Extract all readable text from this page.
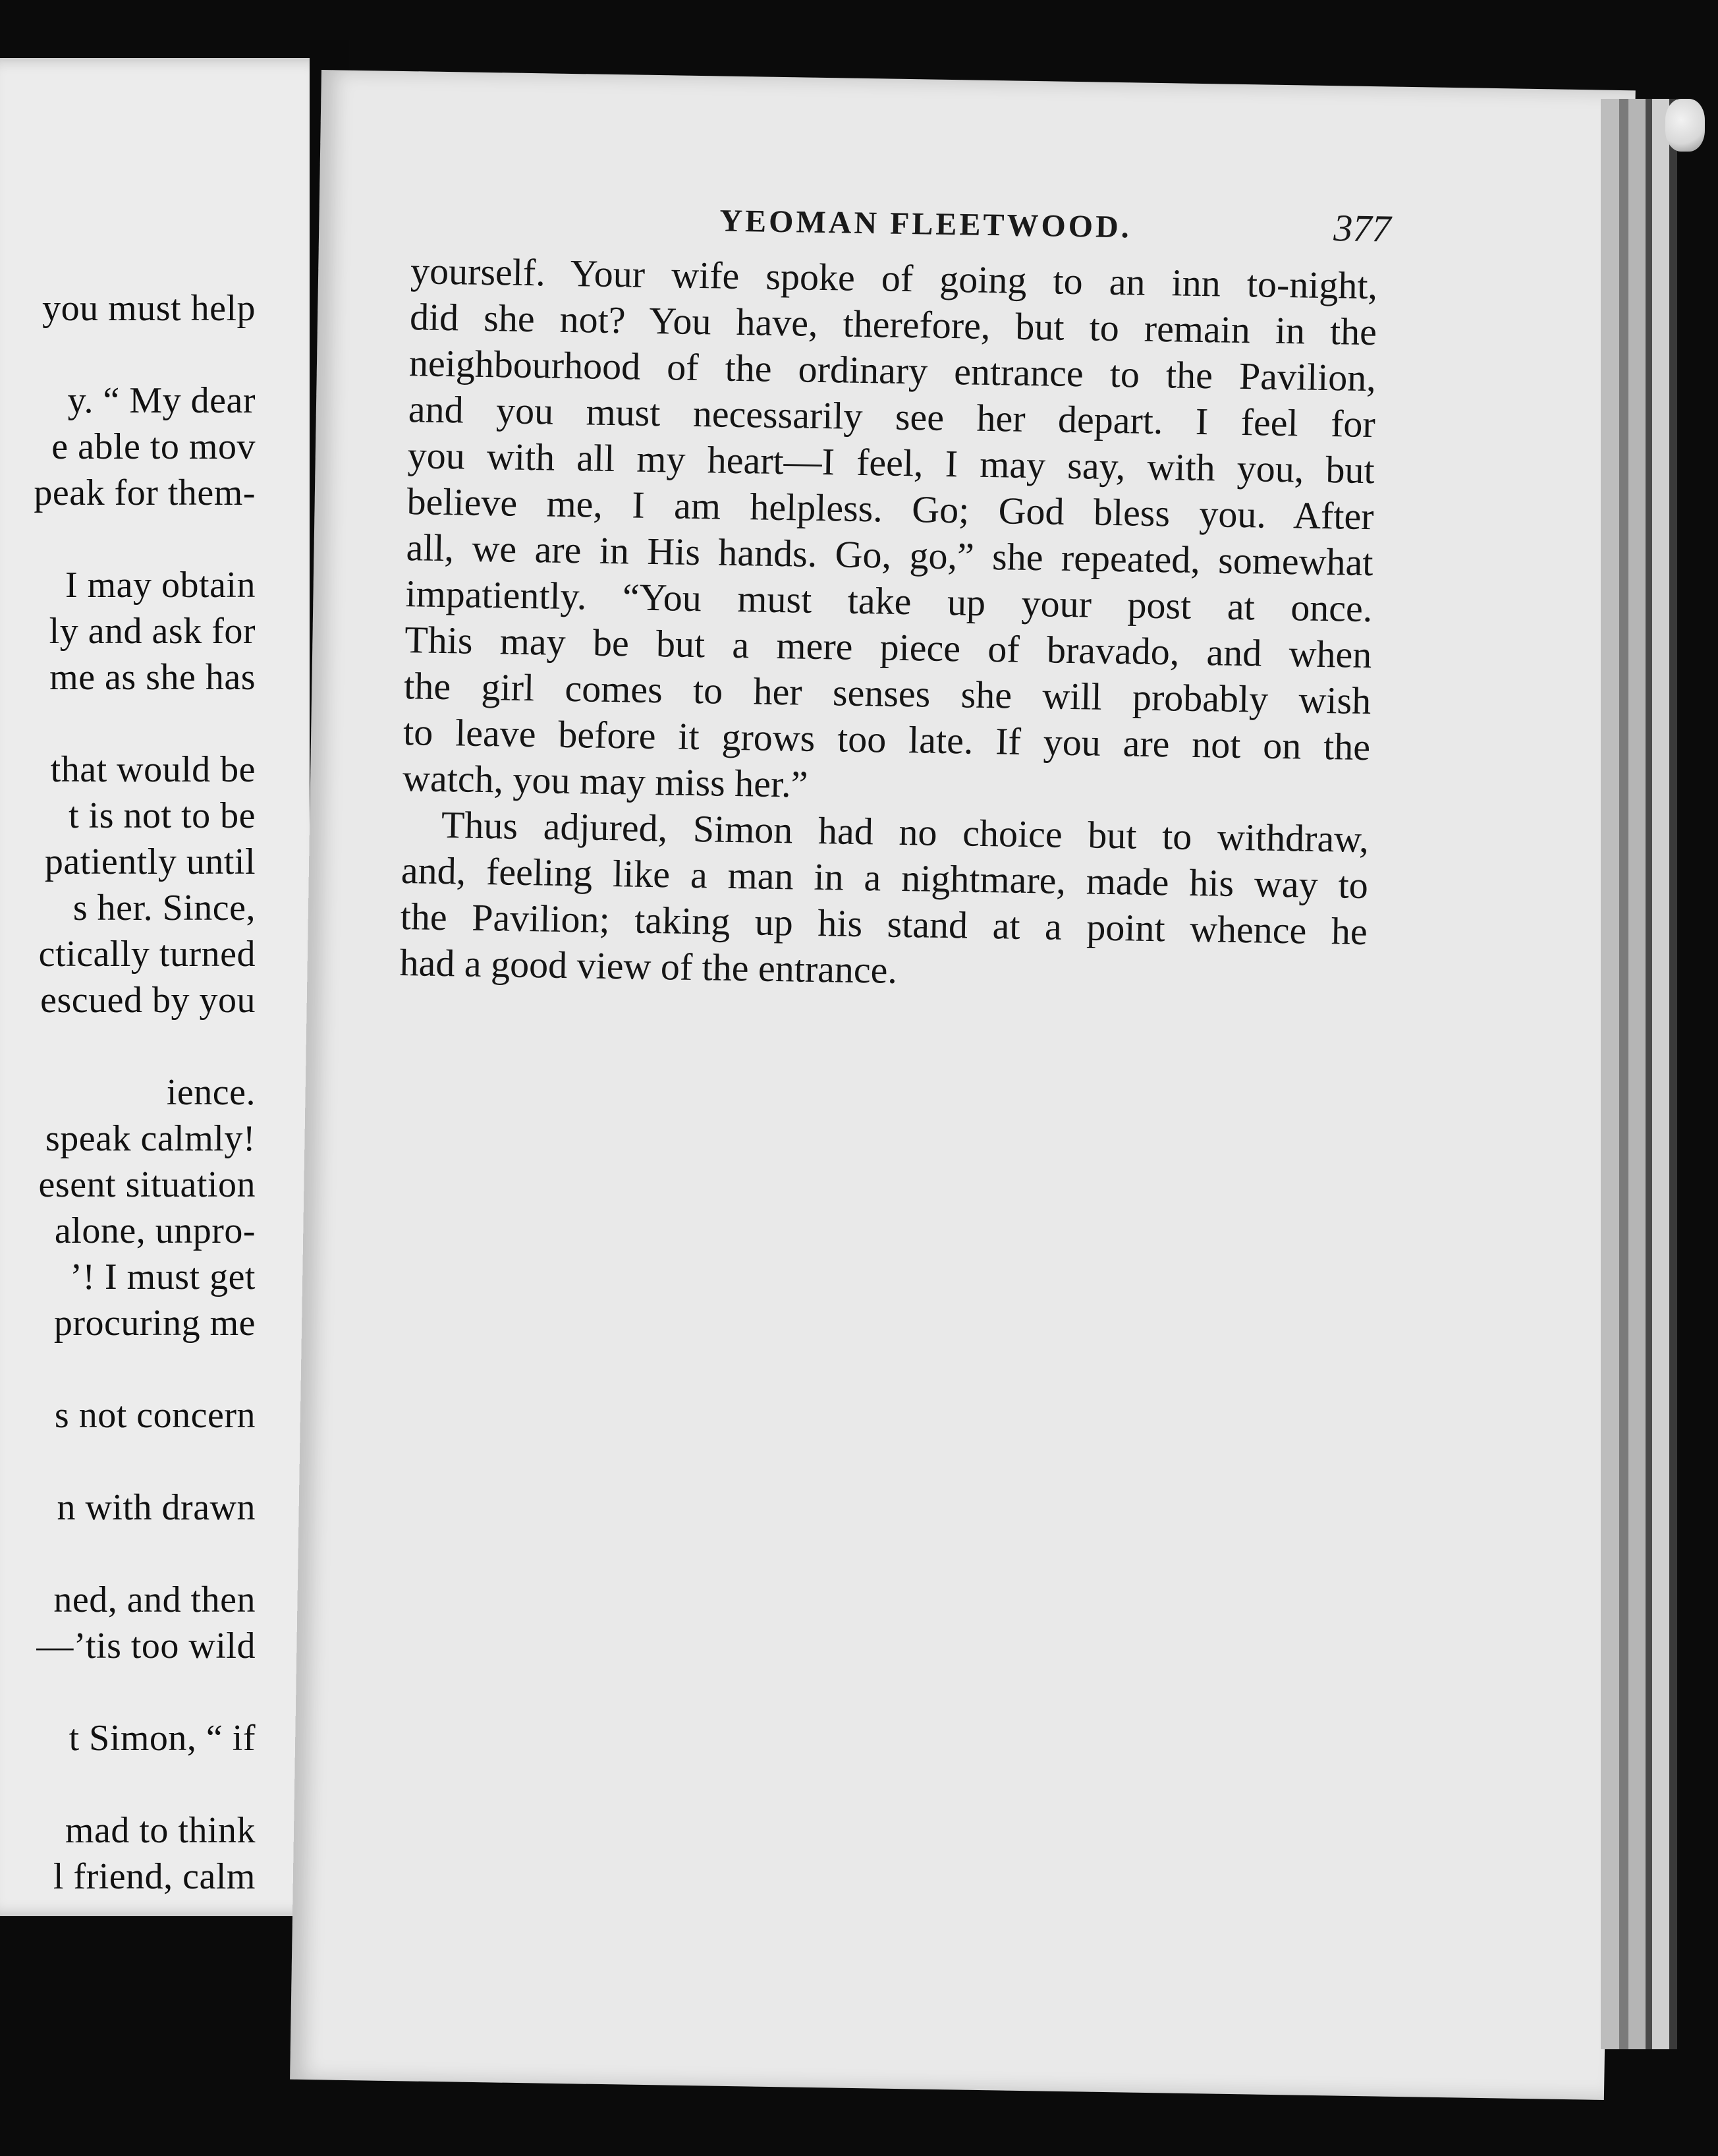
you must help
y. “ My dear
e able to mov
peak for them-
I may obtain
ly and ask for
me as she has
that would be
t is not to be
patiently until
s her. Since,
ctically turned
escued by you
ience.
speak calmly!
esent situation
alone, unpro-
’! I must get
procuring me
s not concern
n with drawn
ned, and then
—’tis too wild
t Simon, “ if
mad to think
l friend, calm
YEOMAN FLEETWOOD.	377
yourself. Your wife spoke of going to an inn to-night,
did she not? You have, therefore, but to remain in the
neighbourhood of the ordinary entrance to the Pavilion,
and you must necessarily see her depart. I feel for
you with all my heart—I feel, I may say, with you, but
believe me, I am helpless. Go; God bless you. After
all, we are in His hands. Go, go,” she repeated, somewhat
impatiently. “You must take up your post at once.
This may be but a mere piece of bravado, and when
the girl comes to her senses she will probably wish
to leave before it grows too late. If you are not on the
watch, you may miss her.”
Thus adjured, Simon had no choice but to withdraw,
and, feeling like a man in a nightmare, made his way to
the Pavilion; taking up his stand at a point whence he
had a good view of the entrance.
